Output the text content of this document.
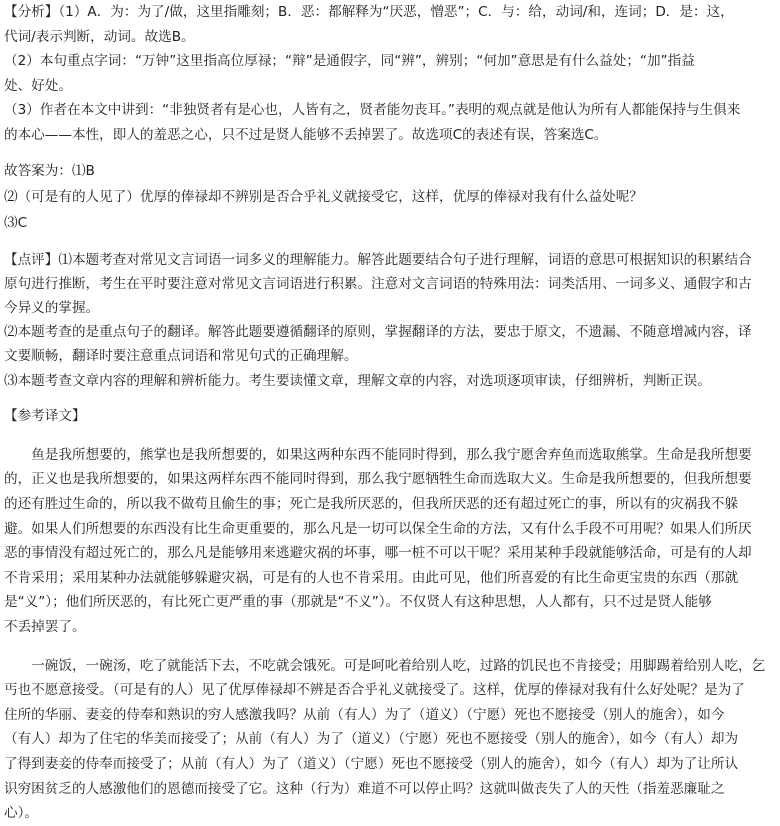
【分析】（1）A．为：为了/做，这里指雕刻；B．恶：都解释为“厌恶，憎恶”；C．与：给，动词/和，连词；D．是：这，

代词/表示判断，动词。故选B。

（2）本句重点字词：“万钟”这里指高位厚禄；“辩”是通假字，同“辨”，辨别；“何加”意思是有什么益处；“加”指益

处、好处。

（3）作者在本文中讲到：“非独贤者有是心也，人皆有之，贤者能勿丧耳。”表明的观点就是他认为所有人都能保持与生俱来

的本心——本性，即人的羞恶之心，只不过是贤人能够不丢掉罢了。故选项C的表述有误，答案选C。

故答案为：⑴B

⑵（可是有的人见了）优厚的俸禄却不辨别是否合乎礼义就接受它，这样，优厚的俸禄对我有什么益处呢？

⑶C

【点评】⑴本题考查对常见文言词语一词多义的理解能力。解答此题要结合句子进行理解，词语的意思可根据知识的积累结合

原句进行推断，考生在平时要注意对常见文言词语进行积累。注意对文言词语的特殊用法：词类活用、一词多义、通假字和古

今异义的掌握。

⑵本题考查的是重点句子的翻译。解答此题要遵循翻译的原则，掌握翻译的方法，要忠于原文，不遗漏、不随意增减内容，译

文要顺畅，翻译时要注意重点词语和常见句式的正确理解。

⑶本题考查文章内容的理解和辨析能力。考生要读懂文章，理解文章的内容，对选项逐项审读，仔细辨析，判断正误。

【参考译文】

　　鱼是我所想要的，熊掌也是我所想要的，如果这两种东西不能同时得到，那么我宁愿舍弃鱼而选取熊掌。生命是我所想要

的，正义也是我所想要的，如果这两样东西不能同时得到，那么我宁愿牺牲生命而选取大义。生命是我所想要的，但我所想要

的还有胜过生命的，所以我不做苟且偷生的事；死亡是我所厌恶的，但我所厌恶的还有超过死亡的事，所以有的灾祸我不躲

避。如果人们所想要的东西没有比生命更重要的，那么凡是一切可以保全生命的方法，又有什么手段不可用呢？如果人们所厌

恶的事情没有超过死亡的，那么凡是能够用来逃避灾祸的坏事，哪一桩不可以干呢？采用某种手段就能够活命，可是有的人却

不肯采用；采用某种办法就能够躲避灾祸，可是有的人也不肯采用。由此可见，他们所喜爱的有比生命更宝贵的东西（那就

是“义”）；他们所厌恶的，有比死亡更严重的事（那就是“不义”）。不仅贤人有这种思想，人人都有，只不过是贤人能够

不丢掉罢了。

　　一碗饭，一碗汤，吃了就能活下去，不吃就会饿死。可是呵叱着给别人吃，过路的饥民也不肯接受；用脚踢着给别人吃，乞

丐也不愿意接受。（可是有的人）见了优厚俸禄却不辨是否合乎礼义就接受了。这样，优厚的俸禄对我有什么好处呢？是为了

住所的华丽、妻妾的侍奉和熟识的穷人感激我吗？从前（有人）为了（道义）（宁愿）死也不愿接受（别人的施舍），如今

（有人）却为了住宅的华美而接受了；从前（有人）为了（道义）（宁愿）死也不愿接受（别人的施舍），如今（有人）却为

了得到妻妾的侍奉而接受了；从前（有人）为了（道义）（宁愿）死也不愿接受（别人的施舍），如今（有人）却为了让所认

识穷困贫乏的人感激他们的恩德而接受了它。这种（行为）难道不可以停止吗？这就叫做丧失了人的天性（指羞恶廉耻之

心）。
